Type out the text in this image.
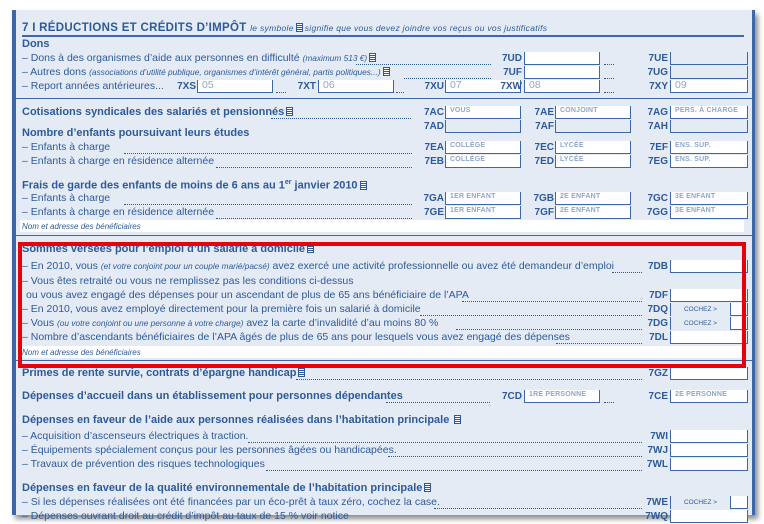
7 I RÉDUCTIONS ET CRÉDITS D’IMPÔT le symbole signifie que vous devez joindre vos reçus ou vos justificatifs
Dons
– Dons à des organismes d’aide aux personnes en difficulté (maximum 513 €)	7UD	7UE
– Autres dons (associations d’utilité publique, organismes d’intérêt général, partis politiques...)	7UF	7UG
– Report années antérieures...	7XS 05	7XT 06	7XU 07	7XW 08	7XY 09
Cotisations syndicales des salariés et pensionnés	7AC VOUS	7AE CONJOINT	7AG PERS. À CHARGE
7AD	7AF	7AH
Nombre d’enfants poursuivant leurs études
– Enfants à charge	7EA COLLÈGE	7EC LYCÉE	7EF ENS. SUP.
– Enfants à charge en résidence alternée	7EB COLLÈGE	7ED LYCÉE	7EG ENS. SUP.
Frais de garde des enfants de moins de 6 ans au 1er janvier 2010
– Enfants à charge	7GA 1ER ENFANT	7GB 2E ENFANT	7GC 3E ENFANT
– Enfants à charge en résidence alternée	7GE 1ER ENFANT	7GF 2E ENFANT	7GG 3E ENFANT
Nom et adresse des bénéficiaires
Sommes versées pour l’emploi d’un salarié à domicile
– En 2010, vous (et votre conjoint pour un couple marié/pacsé) avez exercé une activité professionnelle ou avez été demandeur d’emploi	7DB
– Vous êtes retraité ou vous ne remplissez pas les conditions ci-dessus
ou vous avez engagé des dépenses pour un ascendant de plus de 65 ans bénéficiaire de l’APA	7DF
– En 2010, vous avez employé directement pour la première fois un salarié à domicile	7DQ	COCHEZ >
– Vous (ou votre conjoint ou une personne à votre charge) avez la carte d’invalidité d’au moins 80 %	7DG	COCHEZ >
– Nombre d’ascendants bénéficiaires de l’APA âgés de plus de 65 ans pour lesquels vous avez engagé des dépenses	7DL
Nom et adresse des bénéficiaires
Primes de rente survie, contrats d’épargne handicap	7GZ
Dépenses d’accueil dans un établissement pour personnes dépendantes	7CD 1RE PERSONNE	7CE 2E PERSONNE
Dépenses en faveur de l’aide aux personnes réalisées dans l’habitation principale
– Acquisition d’ascenseurs électriques à traction.	7WI
– Équipements spécialement conçus pour les personnes âgées ou handicapées.	7WJ
– Travaux de prévention des risques technologiques	7WL
Dépenses en faveur de la qualité environnementale de l’habitation principale
– Si les dépenses réalisées ont été financées par un éco-prêt à taux zéro, cochez la case.	7WE	COCHEZ >
– Dépenses ouvrant droit au crédit d’impôt au taux de 15 % voir notice	7WQ
